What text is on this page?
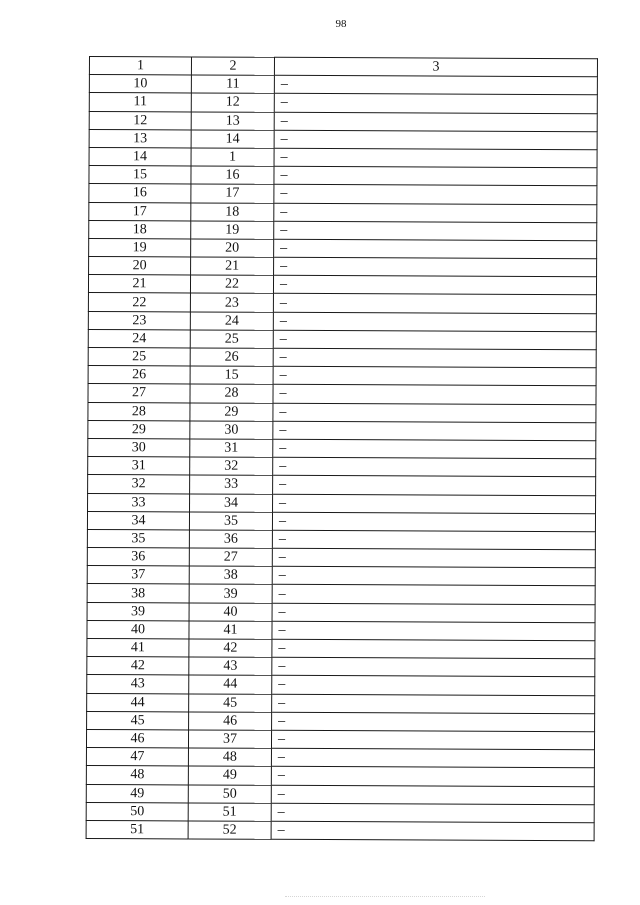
98
1	2	3
10	11	–
11	12	–
12	13	–
13	14	–
14	1	–
15	16	–
16	17	–
17	18	–
18	19	–
19	20	–
20	21	–
21	22	–
22	23	–
23	24	–
24	25	–
25	26	–
26	15	–
27	28	–
28	29	–
29	30	–
30	31	–
31	32	–
32	33	–
33	34	–
34	35	–
35	36	–
36	27	–
37	38	–
38	39	–
39	40	–
40	41	–
41	42	–
42	43	–
43	44	–
44	45	–
45	46	–
46	37	–
47	48	–
48	49	–
49	50	–
50	51	–
51	52	–
